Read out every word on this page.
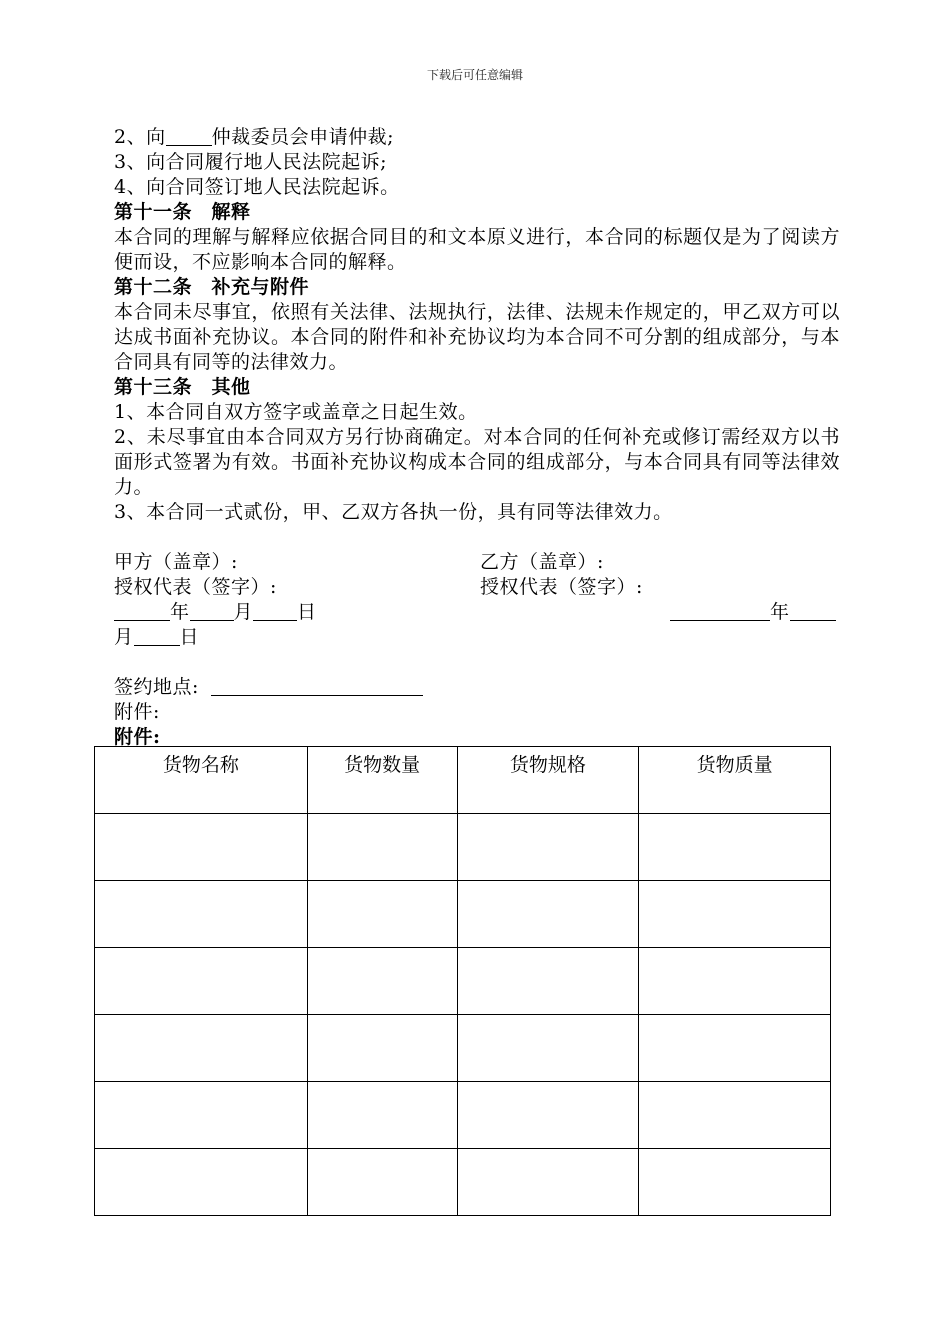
下载后可任意编辑
2、向 仲裁委员会申请仲裁;
3、向合同履行地人民法院起诉;
4、向合同签订地人民法院起诉。
第十一条　解释
本合同的理解与解释应依据合同目的和文本原义进行，本合同的标题仅是为了阅读方便而设，不应影响本合同的解释。
第十二条　补充与附件
本合同未尽事宜，依照有关法律、法规执行，法律、法规未作规定的，甲乙双方可以达成书面补充协议。本合同的附件和补充协议均为本合同不可分割的组成部分，与本合同具有同等的法律效力。
第十三条　其他
1、本合同自双方签字或盖章之日起生效。
2、未尽事宜由本合同双方另行协商确定。对本合同的任何补充或修订需经双方以书面形式签署为有效。书面补充协议构成本合同的组成部分，与本合同具有同等法律效力。
3、本合同一式贰份，甲、乙双方各执一份，具有同等法律效力。
甲方（盖章）:	乙方（盖章）:
授权代表（签字）:	授权代表（签字）:
年 月 日	年
月 日
签约地点:
附件:
附件:
货物名称	货物数量	货物规格	货物质量
